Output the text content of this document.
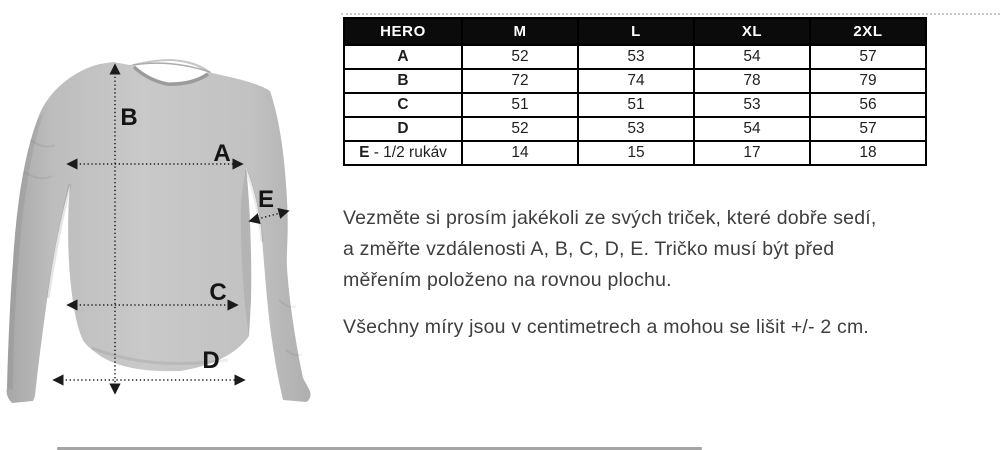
A
B
C
D
E
HERO	M	L	XL	2XL
A	52	53	54	57
B	72	74	78	79
C	51	51	53	56
D	52	53	54	57
E - 1/2 rukáv	14	15	17	18
Vezměte si prosím jakékoli ze svých triček, které dobře sedí,
a změřte vzdálenosti A, B, C, D, E. Tričko musí být před
měřením položeno na rovnou plochu.
Všechny míry jsou v centimetrech a mohou se lišit +/- 2 cm.
